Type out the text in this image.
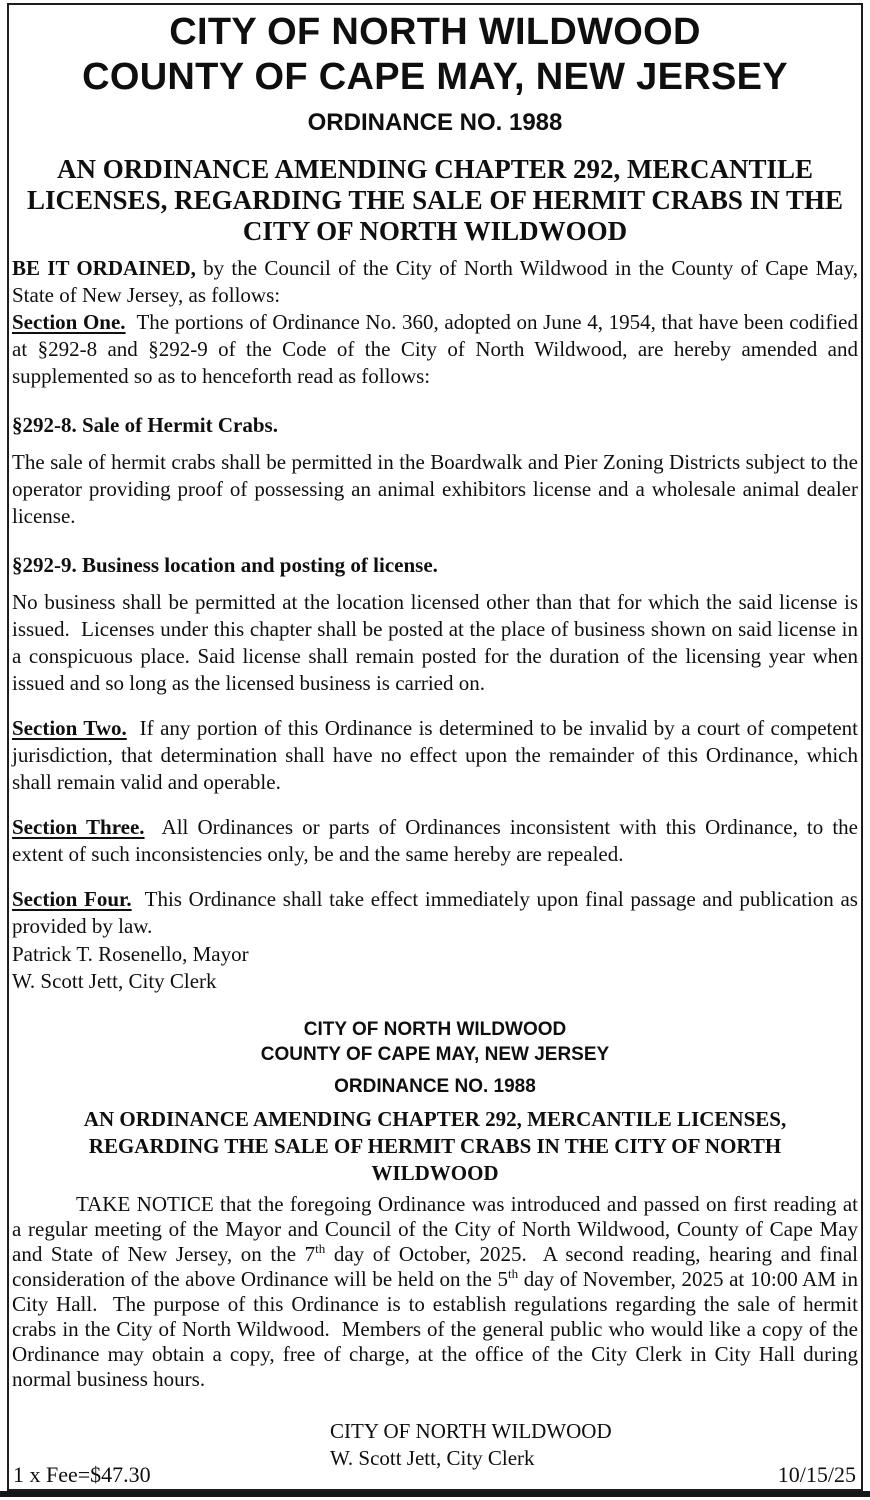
CITY OF NORTH WILDWOOD
COUNTY OF CAPE MAY, NEW JERSEY
ORDINANCE NO. 1988
AN ORDINANCE AMENDING CHAPTER 292, MERCANTILE LICENSES, REGARDING THE SALE OF HERMIT CRABS IN THE CITY OF NORTH WILDWOOD

BE IT ORDAINED, by the Council of the City of North Wildwood in the County of Cape May, State of New Jersey, as follows:

Section One.  The portions of Ordinance No. 360, adopted on June 4, 1954, that have been codified at §292-8 and §292-9 of the Code of the City of North Wildwood, are hereby amended and supplemented so as to henceforth read as follows:

§292-8. Sale of Hermit Crabs.

The sale of hermit crabs shall be permitted in the Boardwalk and Pier Zoning Districts subject to the operator providing proof of possessing an animal exhibitors license and a wholesale animal dealer license.

§292-9. Business location and posting of license.

No business shall be permitted at the location licensed other than that for which the said license is issued.  Licenses under this chapter shall be posted at the place of business shown on said license in a conspicuous place. Said license shall remain posted for the duration of the licensing year when issued and so long as the licensed business is carried on.

Section Two.  If any portion of this Ordinance is determined to be invalid by a court of competent jurisdiction, that determination shall have no effect upon the remainder of this Ordinance, which shall remain valid and operable.

Section Three.  All Ordinances or parts of Ordinances inconsistent with this Ordinance, to the extent of such inconsistencies only, be and the same hereby are repealed.

Section Four.  This Ordinance shall take effect immediately upon final passage and publication as provided by law.

Patrick T. Rosenello, Mayor
W. Scott Jett, City Clerk
CITY OF NORTH WILDWOOD
COUNTY OF CAPE MAY, NEW JERSEY
ORDINANCE NO. 1988
AN ORDINANCE AMENDING CHAPTER 292, MERCANTILE LICENSES, REGARDING THE SALE OF HERMIT CRABS IN THE CITY OF NORTH WILDWOOD

TAKE NOTICE that the foregoing Ordinance was introduced and passed on first reading at a regular meeting of the Mayor and Council of the City of North Wildwood, County of Cape May and State of New Jersey, on the 7th day of October, 2025.  A second reading, hearing and final consideration of the above Ordinance will be held on the 5th day of November, 2025 at 10:00 AM in City Hall.  The purpose of this Ordinance is to establish regulations regarding the sale of hermit crabs in the City of North Wildwood.  Members of the general public who would like a copy of the Ordinance may obtain a copy, free of charge, at the office of the City Clerk in City Hall during normal business hours.

CITY OF NORTH WILDWOOD
W. Scott Jett, City Clerk
1 x Fee=$47.30	10/15/25
